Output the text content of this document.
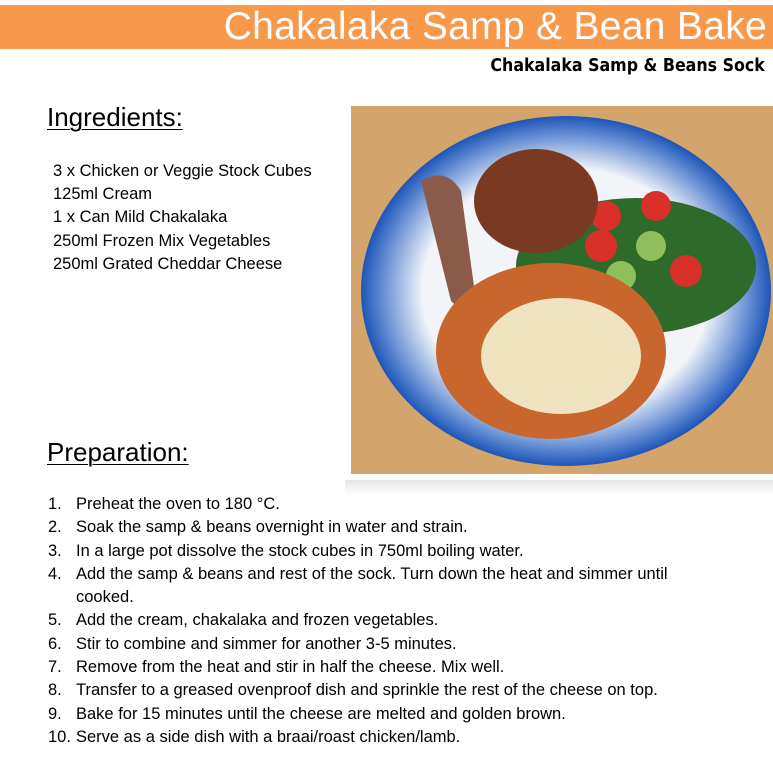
Chakalaka Samp & Bean Bake
Chakalaka Samp & Beans Sock
Ingredients:
3 x Chicken or Veggie Stock Cubes
125ml Cream
1 x Can Mild Chakalaka
250ml Frozen Mix Vegetables
250ml Grated Cheddar Cheese
Preparation:
1. Preheat the oven to 180 °C.
2. Soak the samp & beans overnight in water and strain.
3. In a large pot dissolve the stock cubes in 750ml boiling water.
4. Add the samp & beans and rest of the sock. Turn down the heat and simmer until cooked.
5. Add the cream, chakalaka and frozen vegetables.
6. Stir to combine and simmer for another 3-5 minutes.
7. Remove from the heat and stir in half the cheese. Mix well.
8. Transfer to a greased ovenproof dish and sprinkle the rest of the cheese on top.
9. Bake for 15 minutes until the cheese are melted and golden brown.
10. Serve as a side dish with a braai/roast chicken/lamb.
